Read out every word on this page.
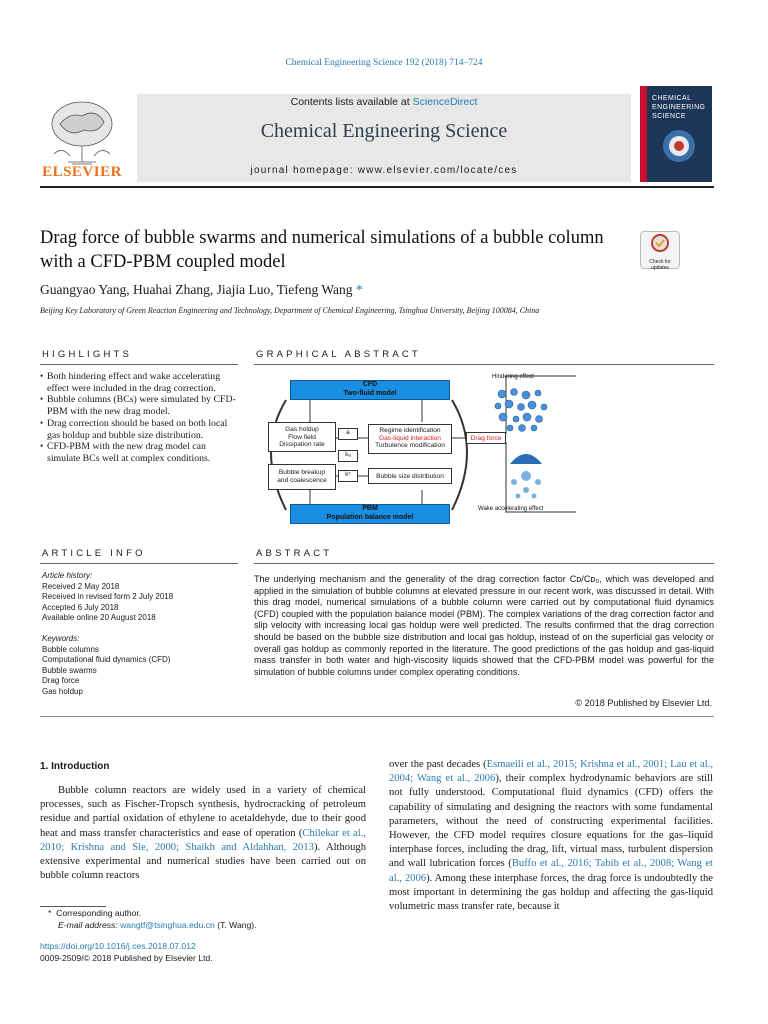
Chemical Engineering Science 192 (2018) 714–724
ELSEVIER
Contents lists available at ScienceDirect
Chemical Engineering Science
journal homepage: www.elsevier.com/locate/ces
CHEMICAL ENGINEERING SCIENCE
Drag force of bubble swarms and numerical simulations of a bubble column with a CFD-PBM coupled model	Check for updates
Guangyao Yang, Huahai Zhang, Jiajia Luo, Tiefeng Wang *
Beijing Key Laboratory of Green Reaction Engineering and Technology, Department of Chemical Engineering, Tsinghua University, Beijing 100084, China
HIGHLIGHTS	GRAPHICAL ABSTRACT
• Both hindering effect and wake accelerating effect were included in the drag correction.
• Bubble columns (BCs) were simulated by CFD-PBM with the new drag model.
• Drag correction should be based on both local gas holdup and bubble size distribution.
• CFD-PBM with the new drag model can simulate BCs well at complex conditions.
CFD
Two-fluid model
Gas holdup
Flow field
Dissipation rate
a
kₐ
kᶜ
Bubble breakup
and coalescence
Regime identification
Gas-liquid interaction
Turbulence modification
Bubble size distribution
Drag force
PBM
Population balance model
Hindering effect
Wake accelerating effect
ARTICLE INFO	ABSTRACT
Article history:
Received 2 May 2018
Received in revised form 2 July 2018
Accepted 6 July 2018
Available online 20 August 2018
Keywords:
Bubble columns
Computational fluid dynamics (CFD)
Bubble swarms
Drag force
Gas holdup
The underlying mechanism and the generality of the drag correction factor Cᴅ/Cᴅ₀, which was developed and applied in the simulation of bubble columns at elevated pressure in our recent work, was discussed in detail. With this drag model, numerical simulations of a bubble column were carried out by computational fluid dynamics (CFD) coupled with the population balance model (PBM). The complex variations of the drag correction factor and slip velocity with increasing local gas holdup were well predicted. The results confirmed that the drag correction should be based on the bubble size distribution and local gas holdup, instead of on the superficial gas velocity or overall gas holdup as commonly reported in the literature. The good predictions of the gas holdup and gas-liquid mass transfer in both water and high-viscosity liquids showed that the CFD-PBM model was powerful for the simulation of bubble columns under complex operating conditions.
© 2018 Published by Elsevier Ltd.
1. Introduction
Bubble column reactors are widely used in a variety of chemical processes, such as Fischer-Tropsch synthesis, hydrocracking of petroleum residue and partial oxidation of ethylene to acetaldehyde, due to their good heat and mass transfer characteristics and ease of operation (Chilekar et al., 2010; Krishna and Sie, 2000; Shaikh and Aldahhan, 2013). Although extensive experimental and numerical studies have been carried out on bubble column reactors
over the past decades (Esmaeili et al., 2015; Krishna et al., 2001; Lau et al., 2004; Wang et al., 2006), their complex hydrodynamic behaviors are still not fully understood. Computational fluid dynamics (CFD) offers the capability of simulating and designing the reactors with some fundamental parameters, without the need of constructing experimental facilities. However, the CFD model requires closure equations for the gas–liquid interphase forces, including the drag, lift, virtual mass, turbulent dispersion and wall lubrication forces (Buffo et al., 2016; Tabib et al., 2008; Wang et al., 2006). Among these interphase forces, the drag force is undoubtedly the most important in determining the gas holdup and affecting the gas-liquid volumetric mass transfer rate, because it
* Corresponding author.
E-mail address: wangtf@tsinghua.edu.cn (T. Wang).
https://doi.org/10.1016/j.ces.2018.07.012
0009-2509/© 2018 Published by Elsevier Ltd.
